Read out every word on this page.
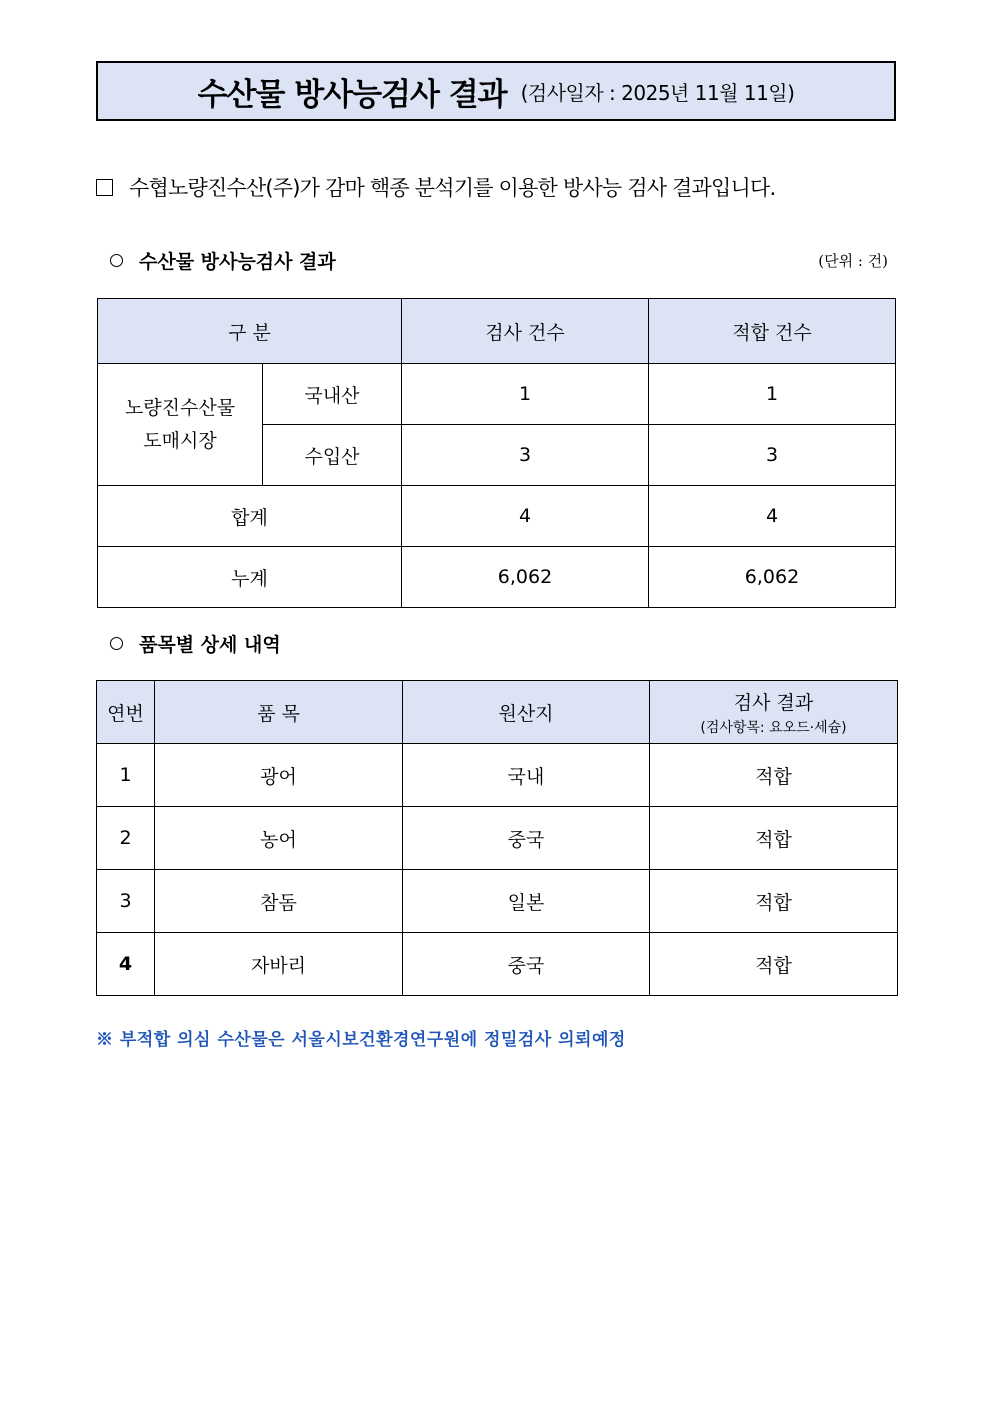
수산물 방사능검사 결과 (검사일자 : 2025년 11월 11일)
수협노량진수산(주)가 감마 핵종 분석기를 이용한 방사능 검사 결과입니다.
수산물 방사능검사 결과	(단위 : 건)
구 분		검사 건수	적합 건수
노량진수산물
도매시장	국내산	1	1
	수입산	3	3
합계		4	4
누계		6,062	6,062
품목별 상세 내역
연번	품 목	원산지	검사 결과
(검사항목: 요오드·세슘)

1	광어	국내	적합
2	농어	중국	적합
3	참돔	일본	적합
4	자바리	중국	적합
※ 부적합 의심 수산물은 서울시보건환경연구원에 정밀검사 의뢰예정
